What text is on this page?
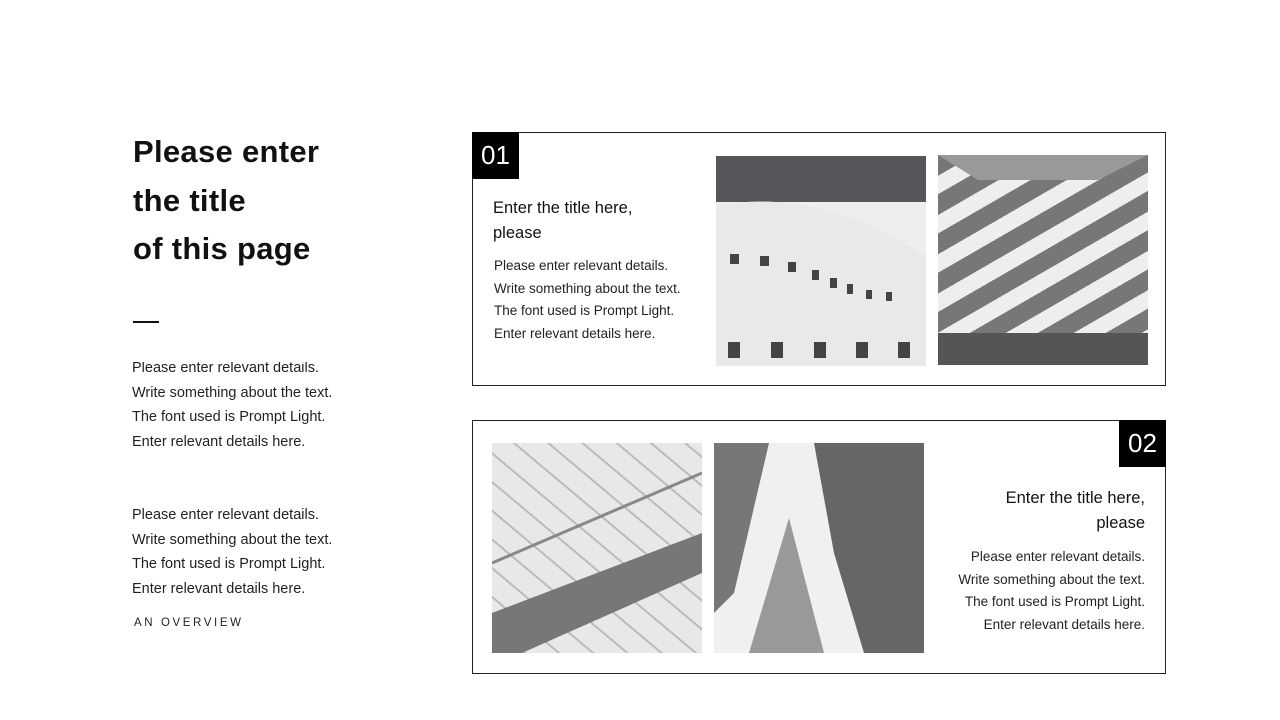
Please enter
the title
of this page
Please enter relevant details.
Write something about the text.
The font used is Prompt Light.
Enter relevant details here.
Please enter relevant details.
Write something about the text.
The font used is Prompt Light.
Enter relevant details here.
AN OVERVIEW
01
Enter the title here,
please
Please enter relevant details.
Write something about the text.
The font used is Prompt Light.
Enter relevant details here.
02
Enter the title here,
please
Please enter relevant details.
Write something about the text.
The font used is Prompt Light.
Enter relevant details here.
